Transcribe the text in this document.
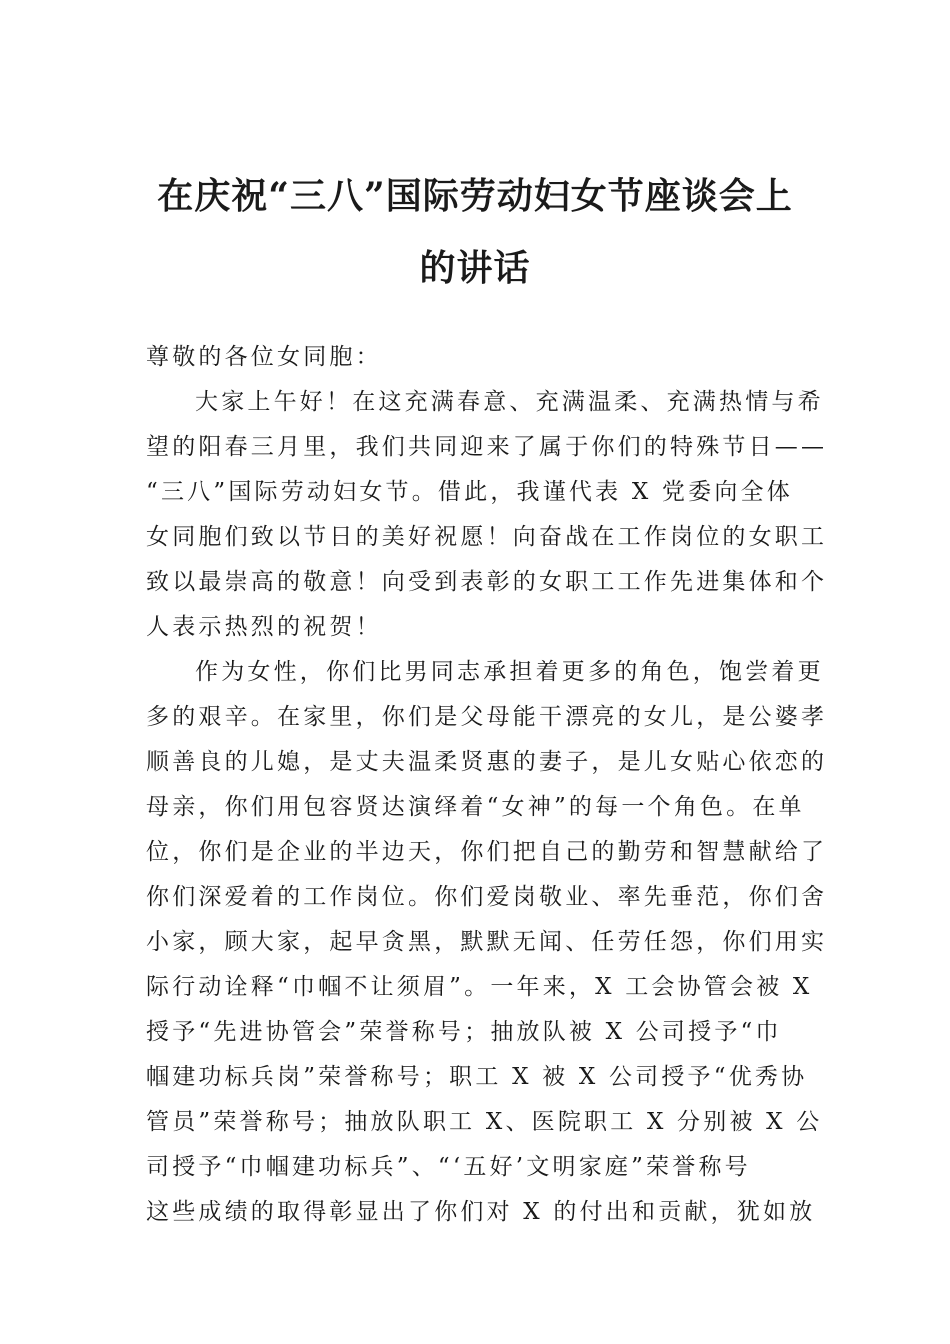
在庆祝“三八”国际劳动妇女节座谈会上
的讲话
尊敬的各位女同胞：
大家上午好！在这充满春意、充满温柔、充满热情与希
望的阳春三月里，我们共同迎来了属于你们的特殊节日——
“三八”国际劳动妇女节。借此，我谨代表 X 党委向全体
女同胞们致以节日的美好祝愿！向奋战在工作岗位的女职工
致以最崇高的敬意！向受到表彰的女职工工作先进集体和个
人表示热烈的祝贺！
作为女性，你们比男同志承担着更多的角色，饱尝着更
多的艰辛。在家里，你们是父母能干漂亮的女儿，是公婆孝
顺善良的儿媳，是丈夫温柔贤惠的妻子，是儿女贴心依恋的
母亲，你们用包容贤达演绎着“女神”的每一个角色。在单
位，你们是企业的半边天，你们把自己的勤劳和智慧献给了
你们深爱着的工作岗位。你们爱岗敬业、率先垂范，你们舍
小家，顾大家，起早贪黑，默默无闻、任劳任怨，你们用实
际行动诠释“巾帼不让须眉”。一年来，X 工会协管会被 X
授予“先进协管会”荣誉称号；抽放队被 X 公司授予“巾
帼建功标兵岗”荣誉称号；职工 X 被 X 公司授予“优秀协
管员”荣誉称号；抽放队职工 X、医院职工 X 分别被 X 公
司授予“巾帼建功标兵”、“‘五好’文明家庭”荣誉称号
这些成绩的取得彰显出了你们对 X 的付出和贡献，犹如放
